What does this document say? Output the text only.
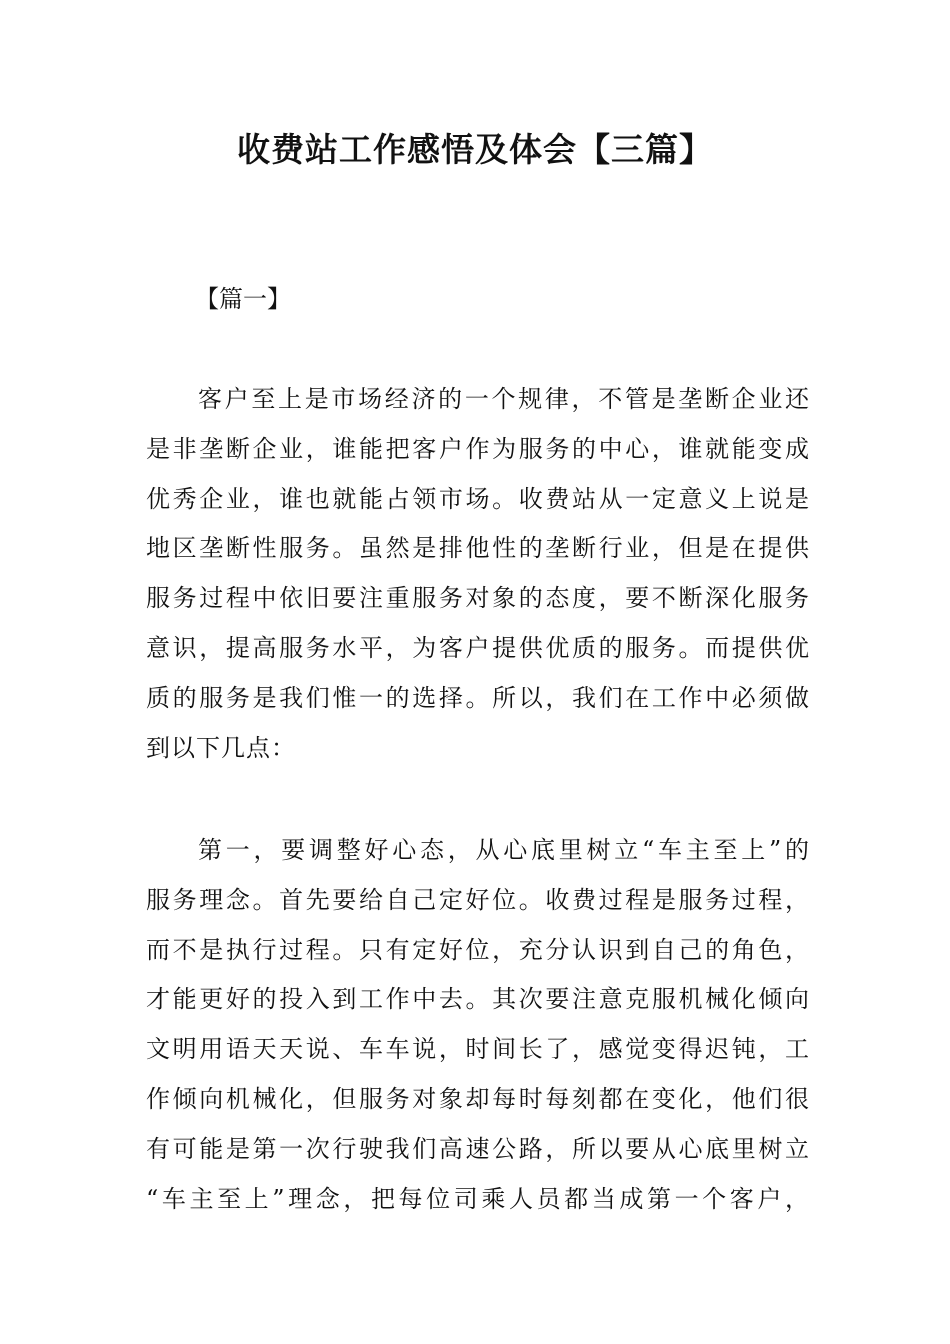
收费站工作感悟及体会【三篇】
【篇一】

客户至上是市场经济的一个规律，不管是垄断企业还
是非垄断企业，谁能把客户作为服务的中心，谁就能变成
优秀企业，谁也就能占领市场。收费站从一定意义上说是
地区垄断性服务。虽然是排他性的垄断行业，但是在提供
服务过程中依旧要注重服务对象的态度，要不断深化服务
意识，提高服务水平，为客户提供优质的服务。而提供优
质的服务是我们惟一的选择。所以，我们在工作中必须做
到以下几点：

第一，要调整好心态，从心底里树立“车主至上”的
服务理念。首先要给自己定好位。收费过程是服务过程，
而不是执行过程。只有定好位，充分认识到自己的角色，
才能更好的投入到工作中去。其次要注意克服机械化倾向
文明用语天天说、车车说，时间长了，感觉变得迟钝，工
作倾向机械化，但服务对象却每时每刻都在变化，他们很
有可能是第一次行驶我们高速公路，所以要从心底里树立
“车主至上”理念，把每位司乘人员都当成第一个客户，
